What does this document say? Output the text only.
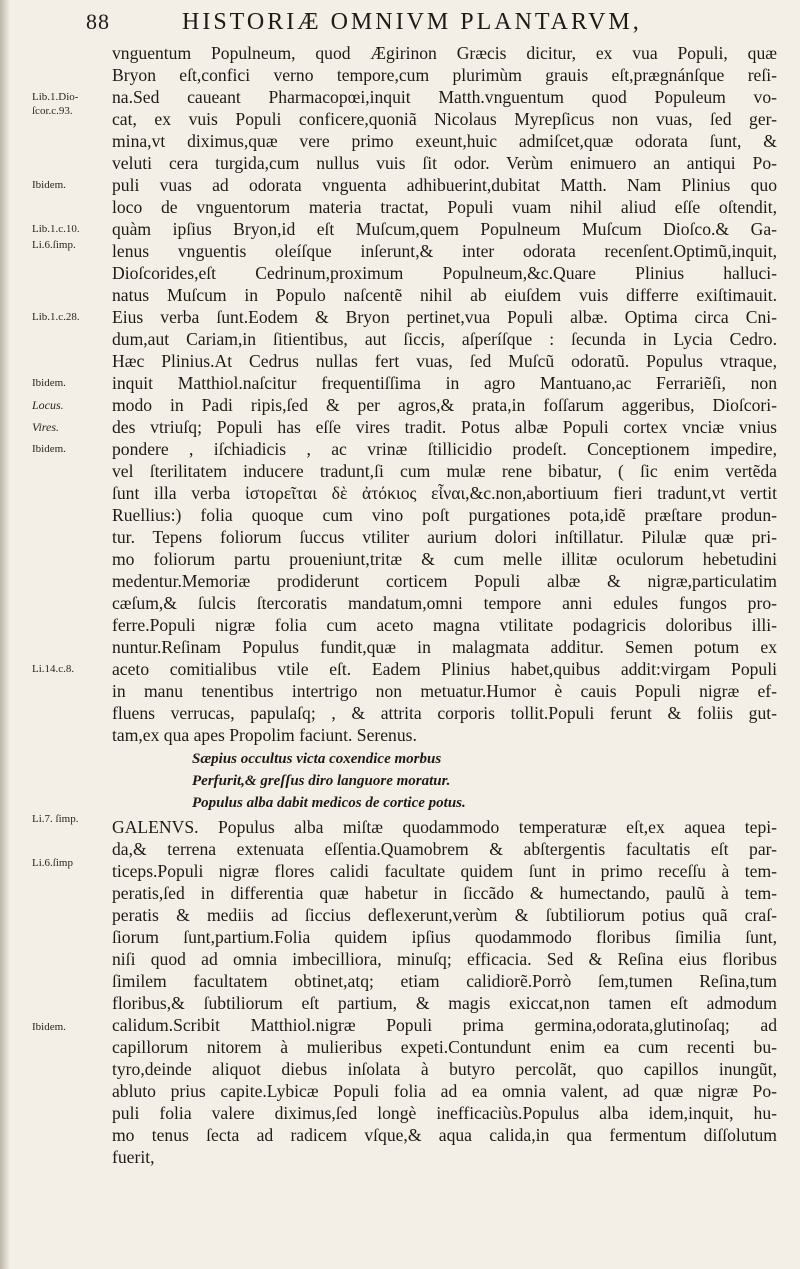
88	HISTORIÆ OMNIVM PLANTARVM,
Lib.1.Dio-
ſcor.c.93.
Ibidem.
Lib.1.c.10.
Li.6.ſimp.
Lib.1.c.28.
Ibidem.
Locus.
Vires.
Ibidem.
Li.14.c.8.
Li.7. ſimp.
Li.6.ſimp
Ibidem.
vnguentum Populneum, quod Ægirinon Græcis dicitur, ex vua Populi, quæ
Bryon eſt,confici verno tempore,cum plurimùm grauis eſt,prægnánſque reſi-
na.Sed caueant Pharmacopœi,inquit Matth.vnguentum quod Populeum vo-
cat, ex vuis Populi conficere,quoniã Nicolaus Myrepſicus non vuas, ſed ger-
mina,vt diximus,quæ vere primo exeunt,huic admiſcet,quæ odorata ſunt, &
veluti cera turgida,cum nullus vuis ſit odor. Verùm enimuero an antiqui Po-
puli vuas ad odorata vnguenta adhibuerint,dubitat Matth. Nam Plinius quo
loco de vnguentorum materia tractat, Populi vuam nihil aliud eſſe oſtendit,
quàm ipſius Bryon,id eſt Muſcum,quem Populneum Muſcum Dioſco.& Ga-
lenus vnguentis oleíſque inſerunt,& inter odorata recenſent.Optimũ,inquit,
Dioſcorides,eſt Cedrinum,proximum Populneum,&c.Quare Plinius halluci-
natus Muſcum in Populo naſcentẽ nihil ab eiuſdem vuis differre exiſtimauit.
Eius verba ſunt.Eodem & Bryon pertinet,vua Populi albæ. Optima circa Cni-
dum,aut Cariam,in ſitientibus, aut ſiccis, aſperíſque : ſecunda in Lycia Cedro.
Hæc Plinius.At Cedrus nullas fert vuas, ſed Muſcũ odoratũ. Populus vtraque,
inquit Matthiol.naſcitur frequentiſſima in agro Mantuano,ac Ferrariẽſi, non
modo in Padi ripis,ſed & per agros,& prata,in foſſarum aggeribus, Dioſcori-
des vtriuſq; Populi has eſſe vires tradit. Potus albæ Populi cortex vnciæ vnius
pondere , iſchiadicis , ac vrinæ ſtillicidio prodeſt. Conceptionem impedire,
vel ſterilitatem inducere tradunt,ſi cum mulæ rene bibatur, ( ſic enim vertẽda
ſunt illa verba ἰστορεῖται δὲ ἀτόκιος εἶναι,&c.non,abortiuum fieri tradunt,vt vertit
Ruellius:) folia quoque cum vino poſt purgationes pota,idẽ præſtare produn-
tur. Tepens foliorum ſuccus vtiliter aurium dolori inſtillatur. Pilulæ quæ pri-
mo foliorum partu proueniunt,tritæ & cum melle illitæ oculorum hebetudini
medentur.Memoriæ prodiderunt corticem Populi albæ & nigræ,particulatim
cæſum,& ſulcis ſtercoratis mandatum,omni tempore anni edules fungos pro-
ferre.Populi nigræ folia cum aceto magna vtilitate podagricis doloribus illi-
nuntur.Reſinam Populus fundit,quæ in malagmata additur. Semen potum ex
aceto comitialibus vtile eſt. Eadem Plinius habet,quibus addit:virgam Populi
in manu tenentibus intertrigo non metuatur.Humor è cauis Populi nigræ ef-
fluens verrucas, papulaſq; , & attrita corporis tollit.Populi ferunt & foliis gut-
tam,ex qua apes Propolim faciunt. Serenus.
Sæpius occultus victa coxendice morbus
Perfurit,& greſſus diro languore moratur.
Populus alba dabit medicos de cortice potus.
GALENVS. Populus alba miſtæ quodammodo temperaturæ eſt,ex aquea tepi-
da,& terrena extenuata eſſentia.Quamobrem & abſtergentis facultatis eſt par-
ticeps.Populi nigræ flores calidi facultate quidem ſunt in primo receſſu à tem-
peratis,ſed in differentia quæ habetur in ſiccãdo & humectando, paulũ à tem-
peratis & mediis ad ſiccius deflexerunt,verùm & ſubtiliorum potius quã craſ-
ſiorum ſunt,partium.Folia quidem ipſius quodammodo floribus ſimilia ſunt,
niſi quod ad omnia imbecilliora, minuſq; efficacia. Sed & Reſina eius floribus
ſimilem facultatem obtinet,atq; etiam calidiorẽ.Porrò ſem,tumen Reſina,tum
floribus,& ſubtiliorum eſt partium, & magis exiccat,non tamen eſt admodum
calidum.Scribit Matthiol.nigræ Populi prima germina,odorata,glutinoſaq; ad
capillorum nitorem à mulieribus expeti.Contundunt enim ea cum recenti bu-
tyro,deinde aliquot diebus inſolata à butyro percolãt, quo capillos inungũt,
abluto prius capite.Lybicæ Populi folia ad ea omnia valent, ad quæ nigræ Po-
puli folia valere diximus,ſed longè inefficaciùs.Populus alba idem,inquit, hu-
mo tenus ſecta ad radicem vſque,& aqua calida,in qua fermentum diſſolutum
fuerit,
